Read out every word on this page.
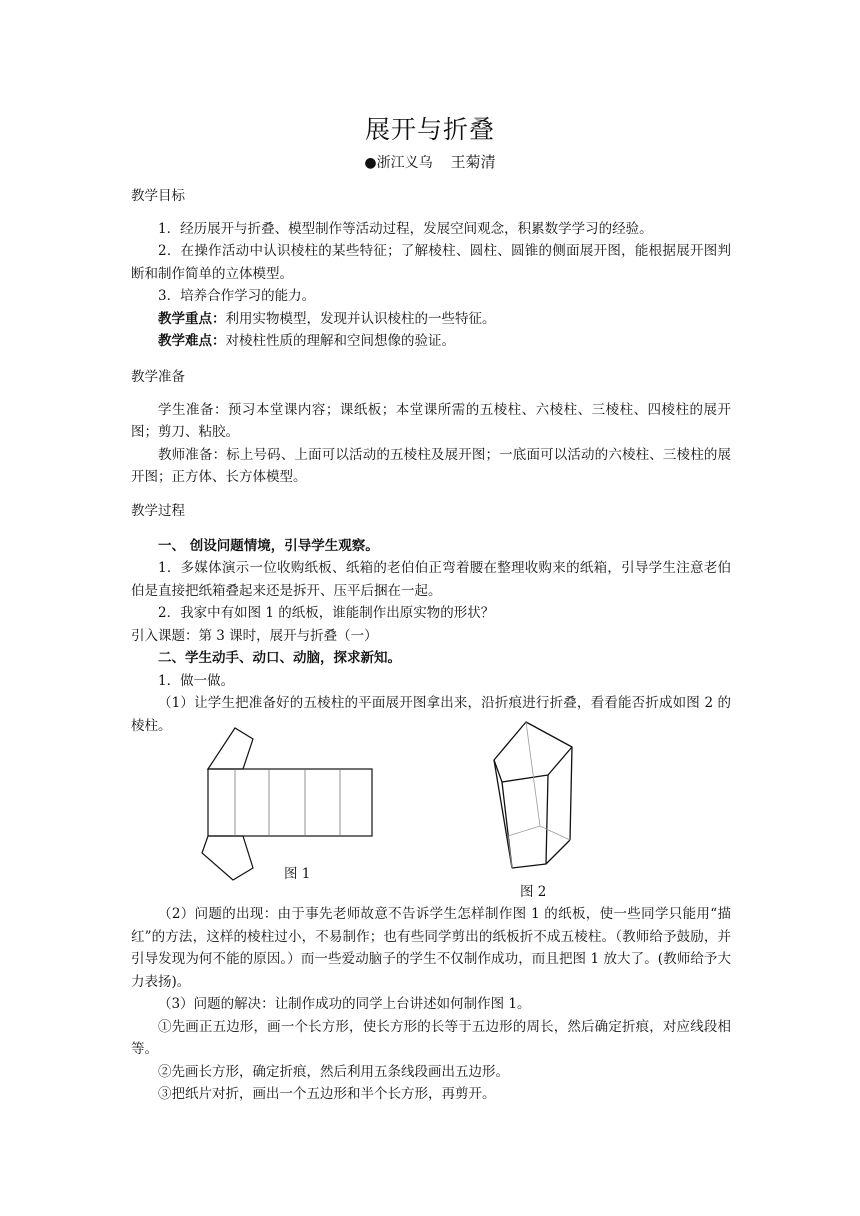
展开与折叠
●浙江义乌 王菊清

教学目标

1．经历展开与折叠、模型制作等活动过程，发展空间观念，积累数学学习的经验。

2．在操作活动中认识棱柱的某些特征；了解棱柱、圆柱、圆锥的侧面展开图，能根据展开图判断和制作简单的立体模型。

3．培养合作学习的能力。

教学重点：利用实物模型，发现并认识棱柱的一些特征。

教学难点：对棱柱性质的理解和空间想像的验证。

教学准备

学生准备：预习本堂课内容；课纸板；本堂课所需的五棱柱、六棱柱、三棱柱、四棱柱的展开图；剪刀、粘胶。

教师准备：标上号码、上面可以活动的五棱柱及展开图；一底面可以活动的六棱柱、三棱柱的展开图；正方体、长方体模型。

教学过程

一、 创设问题情境，引导学生观察。

1．多媒体演示一位收购纸板、纸箱的老伯伯正弯着腰在整理收购来的纸箱，引导学生注意老伯伯是直接把纸箱叠起来还是拆开、压平后捆在一起。

2．我家中有如图 1 的纸板，谁能制作出原实物的形状？

引入课题：第 3 课时，展开与折叠（一）

二、学生动手、动口、动脑，探求新知。

1．做一做。

（1）让学生把准备好的五棱柱的平面展开图拿出来，沿折痕进行折叠，看看能否折成如图 2 的棱柱。

图 1
图 2

（2）问题的出现：由于事先老师故意不告诉学生怎样制作图 1 的纸板，使一些同学只能用“描红”的方法，这样的棱柱过小，不易制作；也有些同学剪出的纸板折不成五棱柱。（教师给予鼓励，并引导发现为何不能的原因。）而一些爱动脑子的学生不仅制作成功，而且把图 1 放大了。(教师给予大力表扬)。

（3）问题的解决：让制作成功的同学上台讲述如何制作图 1。

①先画正五边形，画一个长方形，使长方形的长等于五边形的周长，然后确定折痕，对应线段相等。

②先画长方形，确定折痕，然后利用五条线段画出五边形。

③把纸片对折，画出一个五边形和半个长方形，再剪开。
